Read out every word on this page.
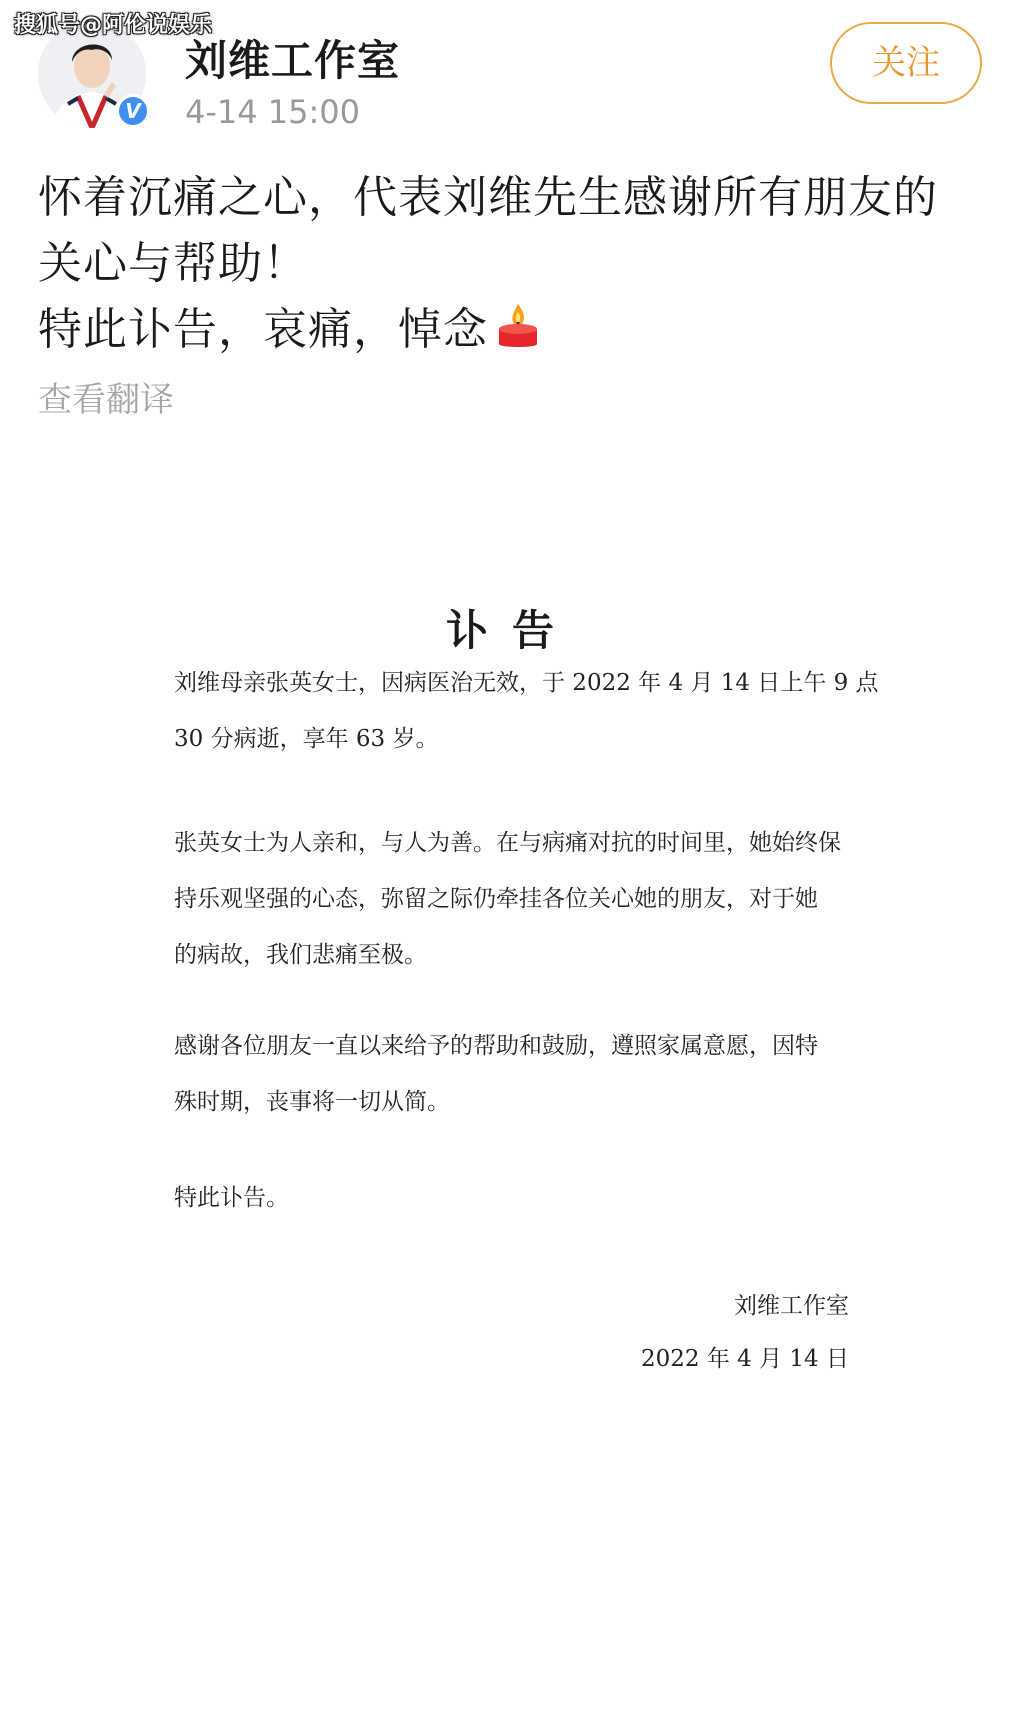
搜狐号@阿伦说娱乐
V
刘维工作室
4-14 15:00
关注
怀着沉痛之心，代表刘维先生感谢所有朋友的
关心与帮助！
特此讣告，哀痛，悼念
查看翻译
讣告
刘维母亲张英女士，因病医治无效，于 2022 年 4 月 14 日上午 9 点
30 分病逝，享年 63 岁。
张英女士为人亲和，与人为善。在与病痛对抗的时间里，她始终保
持乐观坚强的心态，弥留之际仍牵挂各位关心她的朋友，对于她
的病故，我们悲痛至极。
感谢各位朋友一直以来给予的帮助和鼓励，遵照家属意愿，因特
殊时期，丧事将一切从简。
特此讣告。
刘维工作室
2022 年 4 月 14 日
